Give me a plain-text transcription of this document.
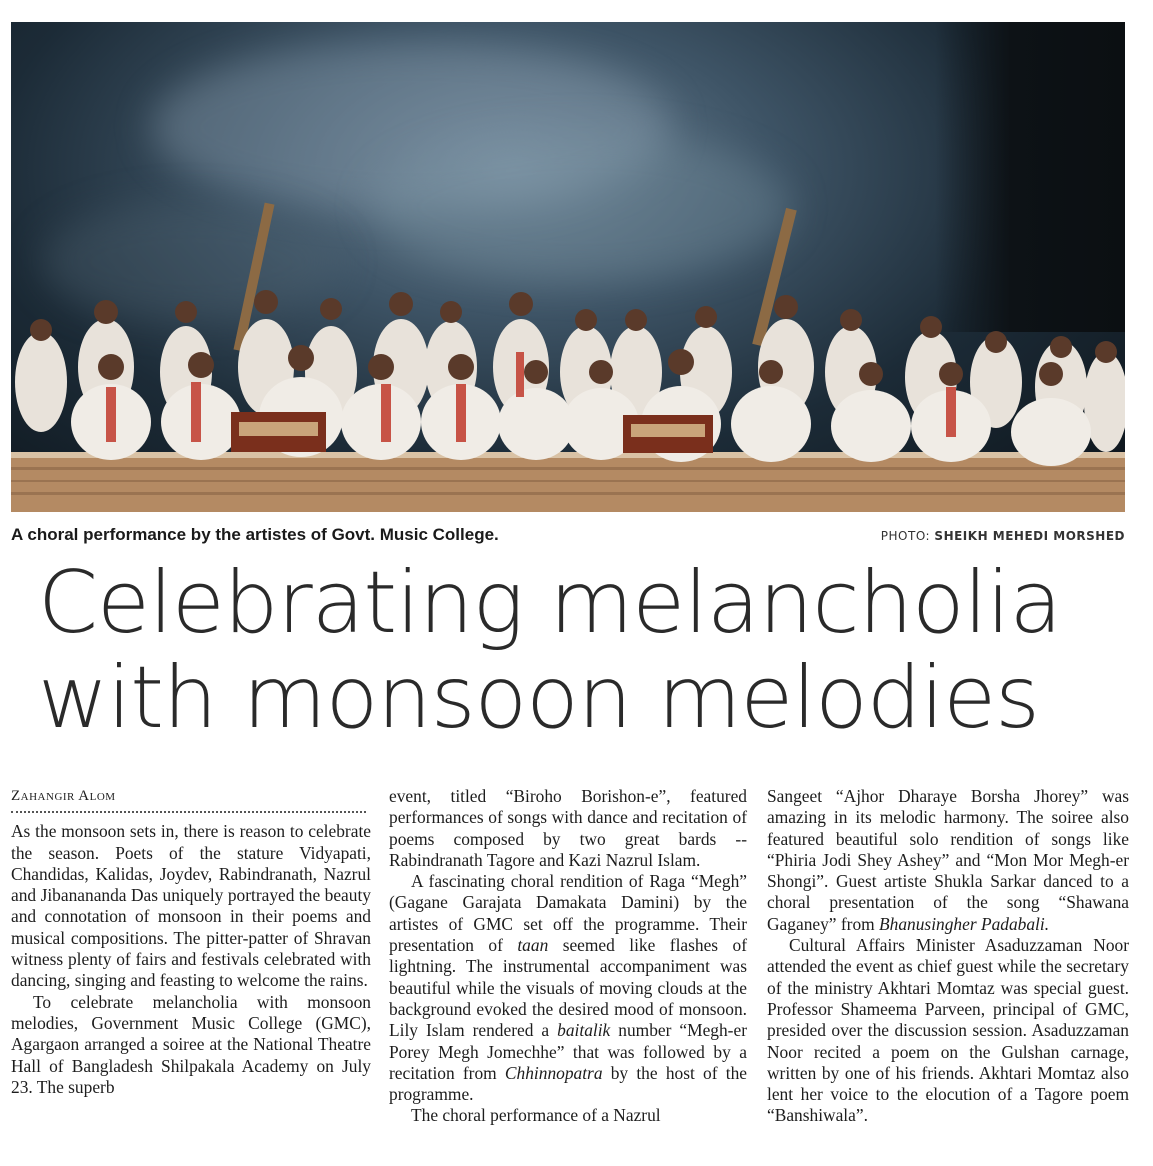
A choral performance by the artistes of Govt. Music College.	PHOTO: SHEIKH MEHEDI MORSHED
Celebrating melancholia
with monsoon melodies
Zahangir Alom

As the monsoon sets in, there is reason to celebrate the season. Poets of the stature Vidyapati, Chandidas, Kalidas, Joydev, Rabindranath, Nazrul and Jibanananda Das uniquely portrayed the beauty and connotation of monsoon in their poems and musical compositions. The pitter-patter of Shravan witness plenty of fairs and festivals celebrated with dancing, singing and feasting to welcome the rains.

To celebrate melancholia with monsoon melodies, Government Music College (GMC), Agargaon arranged a soiree at the National Theatre Hall of Bangladesh Shilpakala Academy on July 23. The superb

event, titled “Biroho Borishon-e”, featured performances of songs with dance and recitation of poems composed by two great bards -- Rabindranath Tagore and Kazi Nazrul Islam.

A fascinating choral rendition of Raga “Megh” (Gagane Garajata Damakata Damini) by the artistes of GMC set off the programme. Their presentation of taan seemed like flashes of lightning. The instrumental accompaniment was beautiful while the visuals of moving clouds at the background evoked the desired mood of monsoon. Lily Islam rendered a baitalik number “Megh-er Porey Megh Jomechhe” that was followed by a recitation from Chhinnopatra by the host of the programme.

The choral performance of a Nazrul

Sangeet “Ajhor Dharaye Borsha Jhorey” was amazing in its melodic harmony. The soiree also featured beautiful solo rendition of songs like “Phiria Jodi Shey Ashey” and “Mon Mor Megh-er Shongi”. Guest artiste Shukla Sarkar danced to a choral presentation of the song “Shawana Gaganey” from Bhanusingher Padabali.

Cultural Affairs Minister Asaduzzaman Noor attended the event as chief guest while the secretary of the ministry Akhtari Momtaz was special guest. Professor Shameema Parveen, principal of GMC, presided over the discussion session. Asaduzzaman Noor recited a poem on the Gulshan carnage, written by one of his friends. Akhtari Momtaz also lent her voice to the elocution of a Tagore poem “Banshiwala”.
